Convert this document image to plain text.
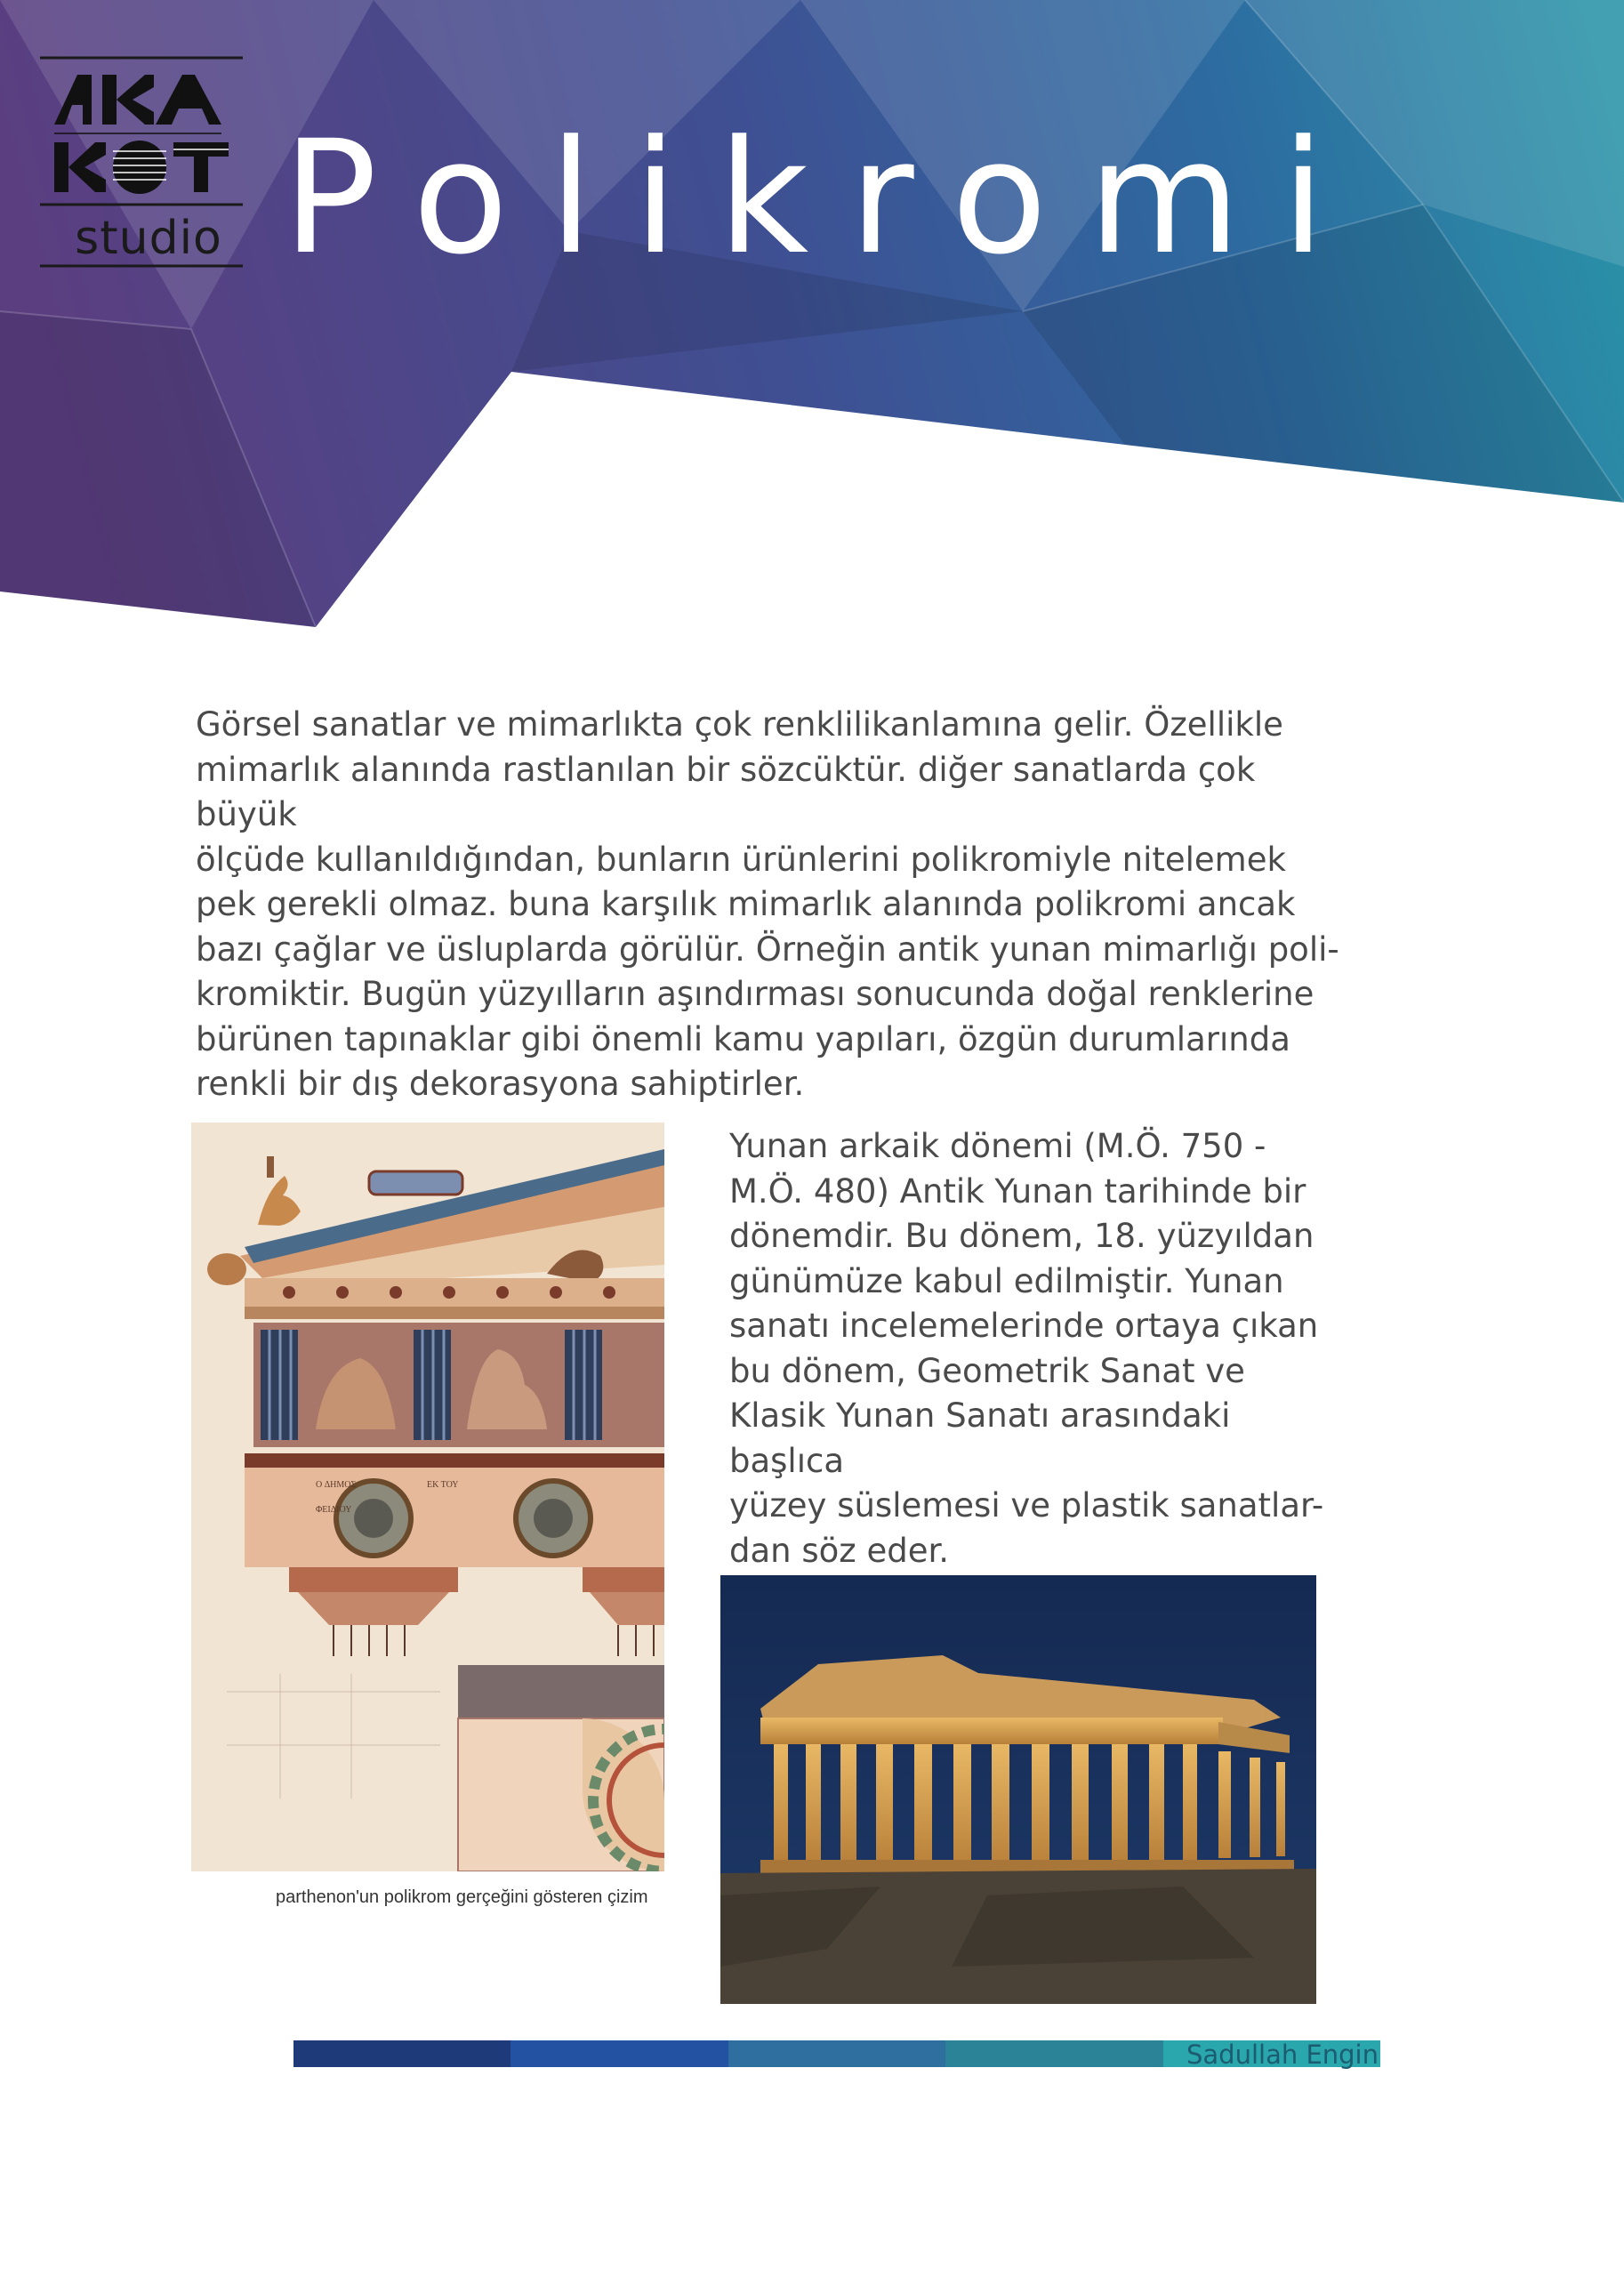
studio Polikromi

Görsel sanatlar ve mimarlıkta çok renklilikanlamına gelir. Özellikle
mimarlık alanında rastlanılan bir sözcüktür. diğer sanatlarda çok büyük
ölçüde kullanıldığından, bunların ürünlerini polikromiyle nitelemek
pek gerekli olmaz. buna karşılık mimarlık alanında polikromi ancak
bazı çağlar ve üsluplarda görülür. Örneğin antik yunan mimarlığı poli-
kromiktir. Bugün yüzyılların aşındırması sonucunda doğal renklerine
bürünen tapınaklar gibi önemli kamu yapıları, özgün durumlarında
renkli bir dış dekorasyona sahiptirler.

O ΔΗΜΟΣ
ΦΕΙΔΙΟΥ
ΕΚ ΤΟΥ

parthenon'un polikrom gerçeğini gösteren çizim

Yunan arkaik dönemi (M.Ö. 750 -
M.Ö. 480) Antik Yunan tarihinde bir
dönemdir. Bu dönem, 18. yüzyıldan
günümüze kabul edilmiştir. Yunan
sanatı incelemelerinde ortaya çıkan
bu dönem, Geometrik Sanat ve
Klasik Yunan Sanatı arasındaki başlıca
yüzey süslemesi ve plastik sanatlar-
dan söz eder.

Sadullah Engin
